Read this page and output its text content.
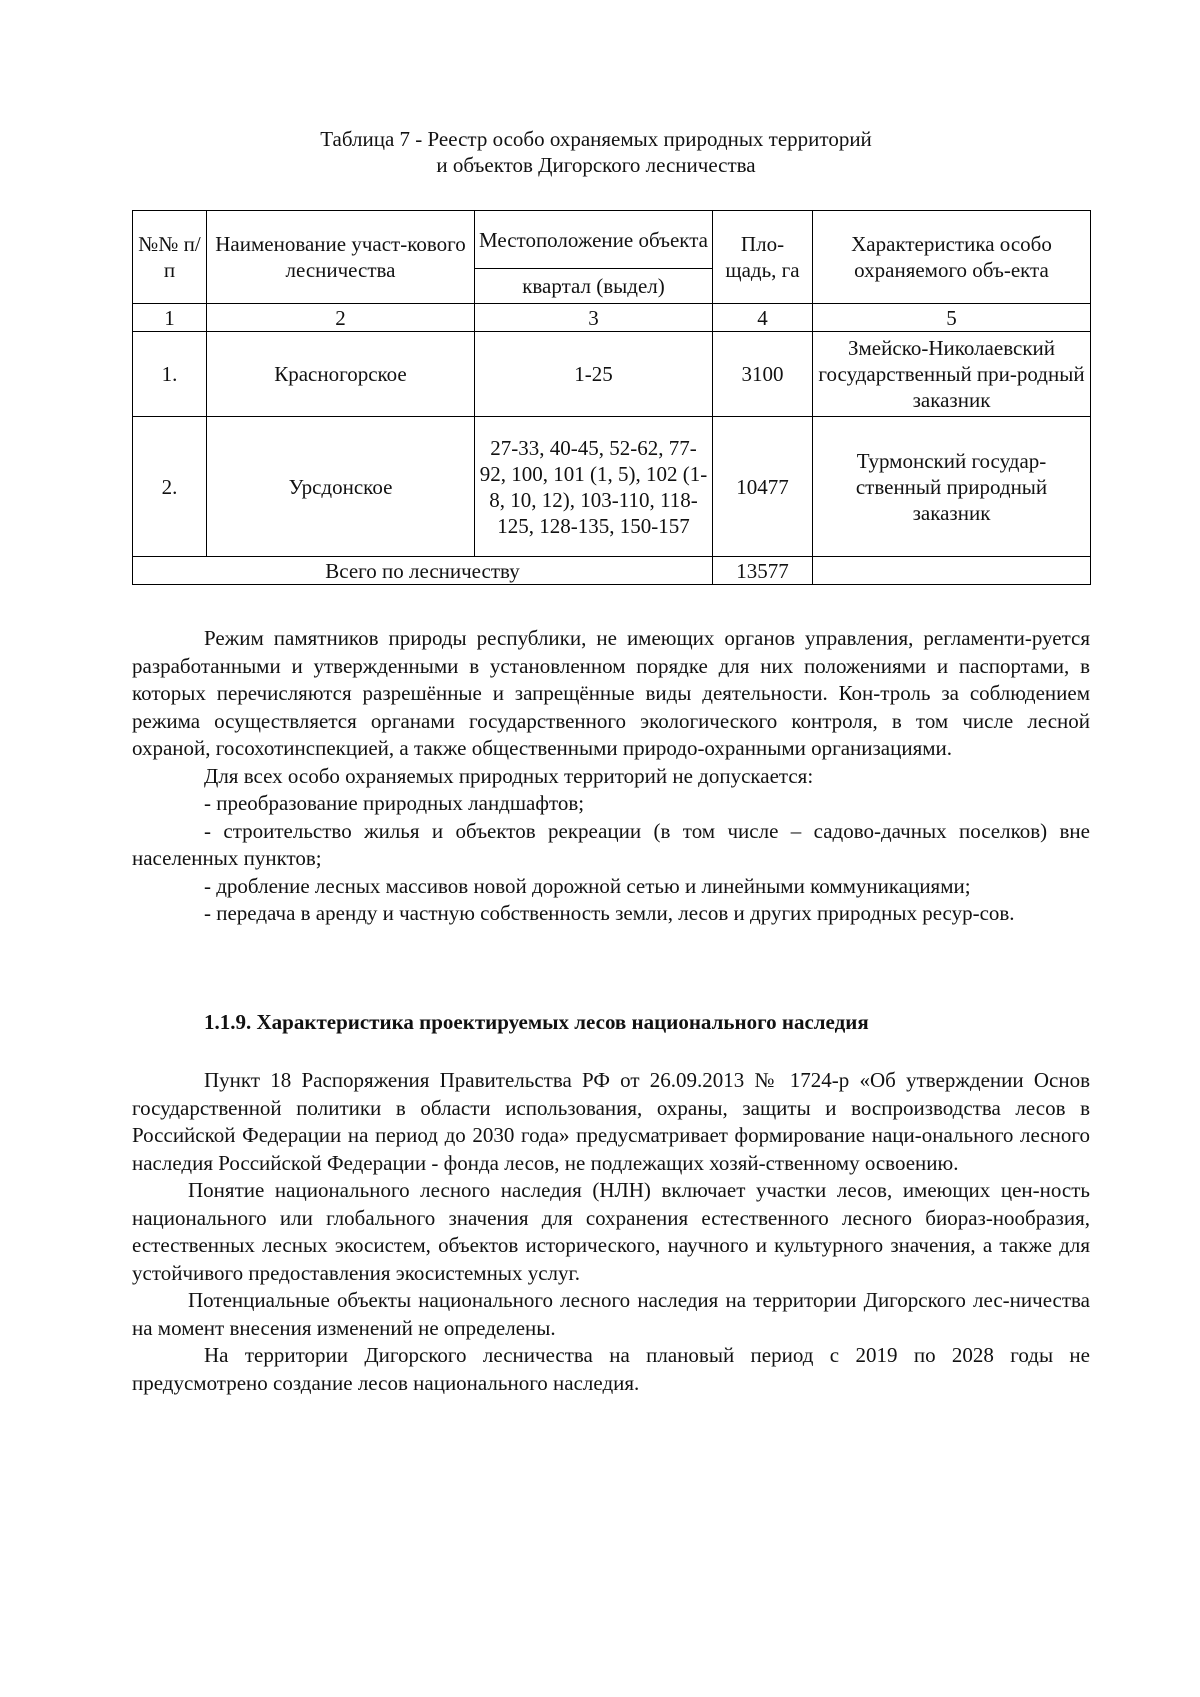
Таблица 7 - Реестр особо охраняемых природных территорий
и объектов Дигорского лесничества
№№ п/п	Наименование участ-кового лесничества	Местоположение объекта	Пло-щадь, га	Характеристика особо охраняемого объ-екта
		квартал (выдел)		
1	2	3	4	5
1.	Красногорское	1-25	3100	Змейско-Николаевский государственный при-родный заказник
2.	Урсдонское	27-33, 40-45, 52-62, 77-92, 100, 101 (1, 5), 102 (1-8, 10, 12), 103-110, 118-125, 128-135, 150-157	10477	Турмонский государ-ственный природный заказник
Всего по лесничеству			13577	

Режим памятников природы республики, не имеющих органов управления, регламенти-руется разработанными и утвержденными в установленном порядке для них положениями и паспортами, в которых перечисляются разрешённые и запрещённые виды деятельности. Кон-троль за соблюдением режима осуществляется органами государственного экологического контроля, в том числе лесной охраной, госохотинспекцией, а также общественными природо-охранными организациями.

Для всех особо охраняемых природных территорий не допускается:

- преобразование природных ландшафтов;

- строительство жилья и объектов рекреации (в том числе – садово-дачных поселков) вне населенных пунктов;

- дробление лесных массивов новой дорожной сетью и линейными коммуникациями;

- передача в аренду и частную собственность земли, лесов и других природных ресур-сов.

1.1.9. Характеристика проектируемых лесов национального наследия

Пункт 18 Распоряжения Правительства РФ от 26.09.2013 № 1724-р «Об утверждении Основ государственной политики в области использования, охраны, защиты и воспроизводства лесов в Российской Федерации на период до 2030 года» предусматривает формирование наци-онального лесного наследия Российской Федерации - фонда лесов, не подлежащих хозяй-ственному освоению.

Понятие национального лесного наследия (НЛН) включает участки лесов, имеющих цен-ность национального или глобального значения для сохранения естественного лесного биораз-нообразия, естественных лесных экосистем, объектов исторического, научного и культурного значения, а также для устойчивого предоставления экосистемных услуг.

Потенциальные объекты национального лесного наследия на территории Дигорского лес-ничества на момент внесения изменений не определены.

На территории Дигорского лесничества на плановый период с 2019 по 2028 годы не предусмотрено создание лесов национального наследия.
